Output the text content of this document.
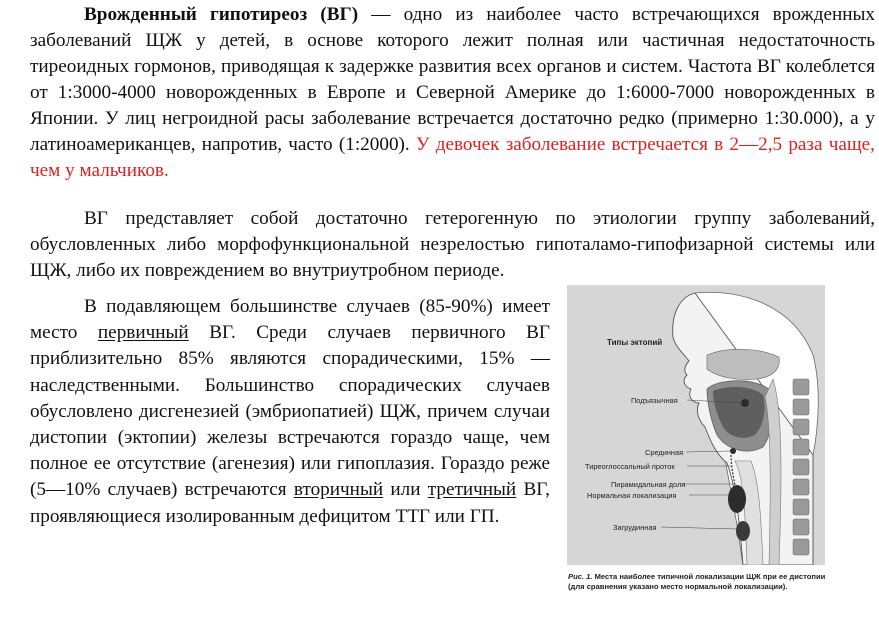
Врожденный гипотиреоз (ВГ) — одно из наиболее часто встречающихся врожденных заболеваний ЩЖ у детей, в основе которого лежит полная или частичная недостаточность тиреоидных гормонов, приводящая к задержке развития всех органов и систем. Частота ВГ колеблется от 1:3000-4000 новорожденных в Европе и Северной Америке до 1:6000-7000 новорожденных в Японии. У лиц негроидной расы заболевание встречается достаточно редко (примерно 1:30.000), а у латиноамериканцев, напротив, часто (1:2000). У девочек заболевание встречается в 2—2,5 раза чаще, чем у мальчиков.

ВГ представляет собой достаточно гетерогенную по этиологии группу заболеваний, обусловленных либо морфофункциональной незрелостью гипоталамо-гипофизарной системы или ЩЖ, либо их повреждением во внутриутробном периоде.

В подавляющем большинстве случаев (85-90%) имеет место первичный ВГ. Среди случаев первичного ВГ приблизительно 85% являются спорадическими, 15% — наследственными. Большинство спорадических случаев обусловлено дисгенезией (эмбриопатией) ЩЖ, причем случаи дистопии (эктопии) железы встречаются гораздо чаще, чем полное ее отсутствие (агенезия) или гипоплазия. Гораздо реже (5—10% случаев) встречаются вторичный или третичный ВГ, проявляющиеся изолированным дефицитом ТТГ или ГП.

Типы эктопий
Подъязычная
Срединная
Тиреоглоссальный проток
Пирамидальная доля
Нормальная локализация
Загрудинная

Рис. 1. Места наиболее типичной локализации ЩЖ при ее дистопии (для сравнения указано место нормальной локализации).
